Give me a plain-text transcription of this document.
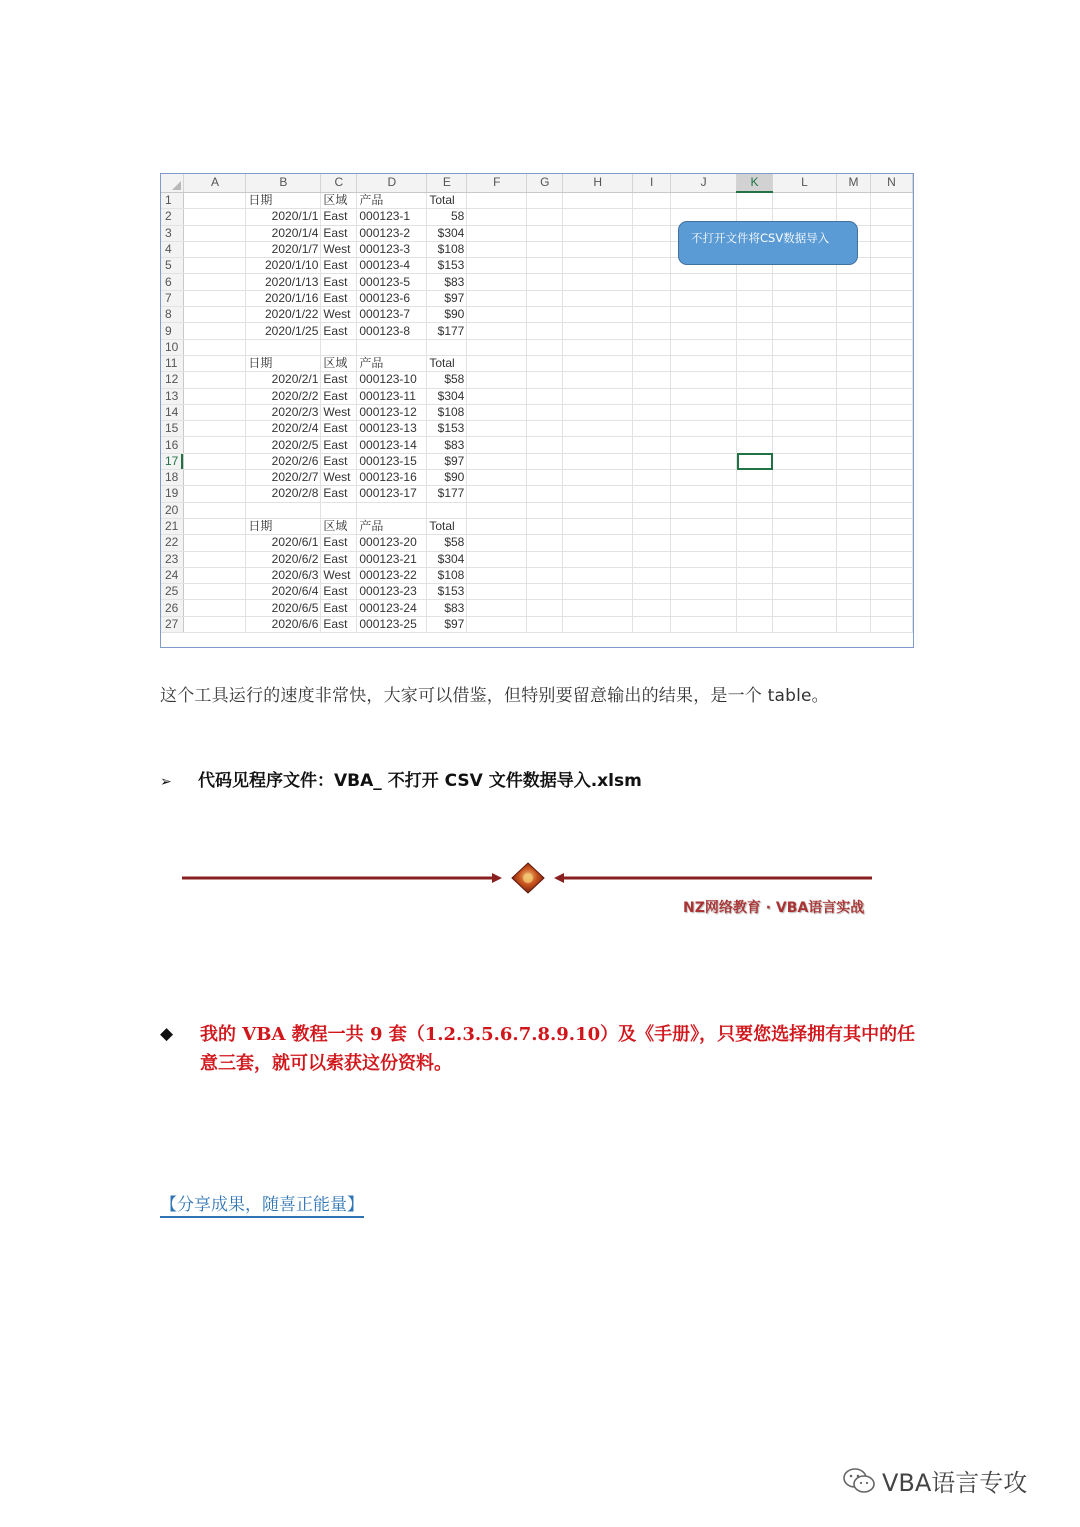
	A	B	C	D	E	F	G	H	I	J	K	L	M	N
1		日期	区域	产品	Total									
2		2020/1/1	East	000123-1	58									
3		2020/1/4	East	000123-2	$304									
4		2020/1/7	West	000123-3	$108									
5		2020/1/10	East	000123-4	$153									
6		2020/1/13	East	000123-5	$83									
7		2020/1/16	East	000123-6	$97									
8		2020/1/22	West	000123-7	$90									
9		2020/1/25	East	000123-8	$177									
10														
11		日期	区域	产品	Total									
12		2020/2/1	East	000123-10	$58									
13		2020/2/2	East	000123-11	$304									
14		2020/2/3	West	000123-12	$108									
15		2020/2/4	East	000123-13	$153									
16		2020/2/5	East	000123-14	$83									
17		2020/2/6	East	000123-15	$97									
18		2020/2/7	West	000123-16	$90									
19		2020/2/8	East	000123-17	$177									
20														
21		日期	区域	产品	Total									
22		2020/6/1	East	000123-20	$58									
23		2020/6/2	East	000123-21	$304									
24		2020/6/3	West	000123-22	$108									
25		2020/6/4	East	000123-23	$153									
26		2020/6/5	East	000123-24	$83									
27		2020/6/6	East	000123-25	$97									
不打开文件将CSV数据导入
这个工具运行的速度非常快，大家可以借鉴，但特别要留意输出的结果，是一个 table。
➢ 代码见程序文件：VBA_ 不打开 CSV 文件数据导入.xlsm
NZ网络教育 · VBA语言实战
◆ 我的 VBA 教程一共 9 套（1.2.3.5.6.7.8.9.10）及《手册》，只要您选择拥有其中的任意三套，就可以索获这份资料。
【分享成果，随喜正能量】
VBA语言专攻
